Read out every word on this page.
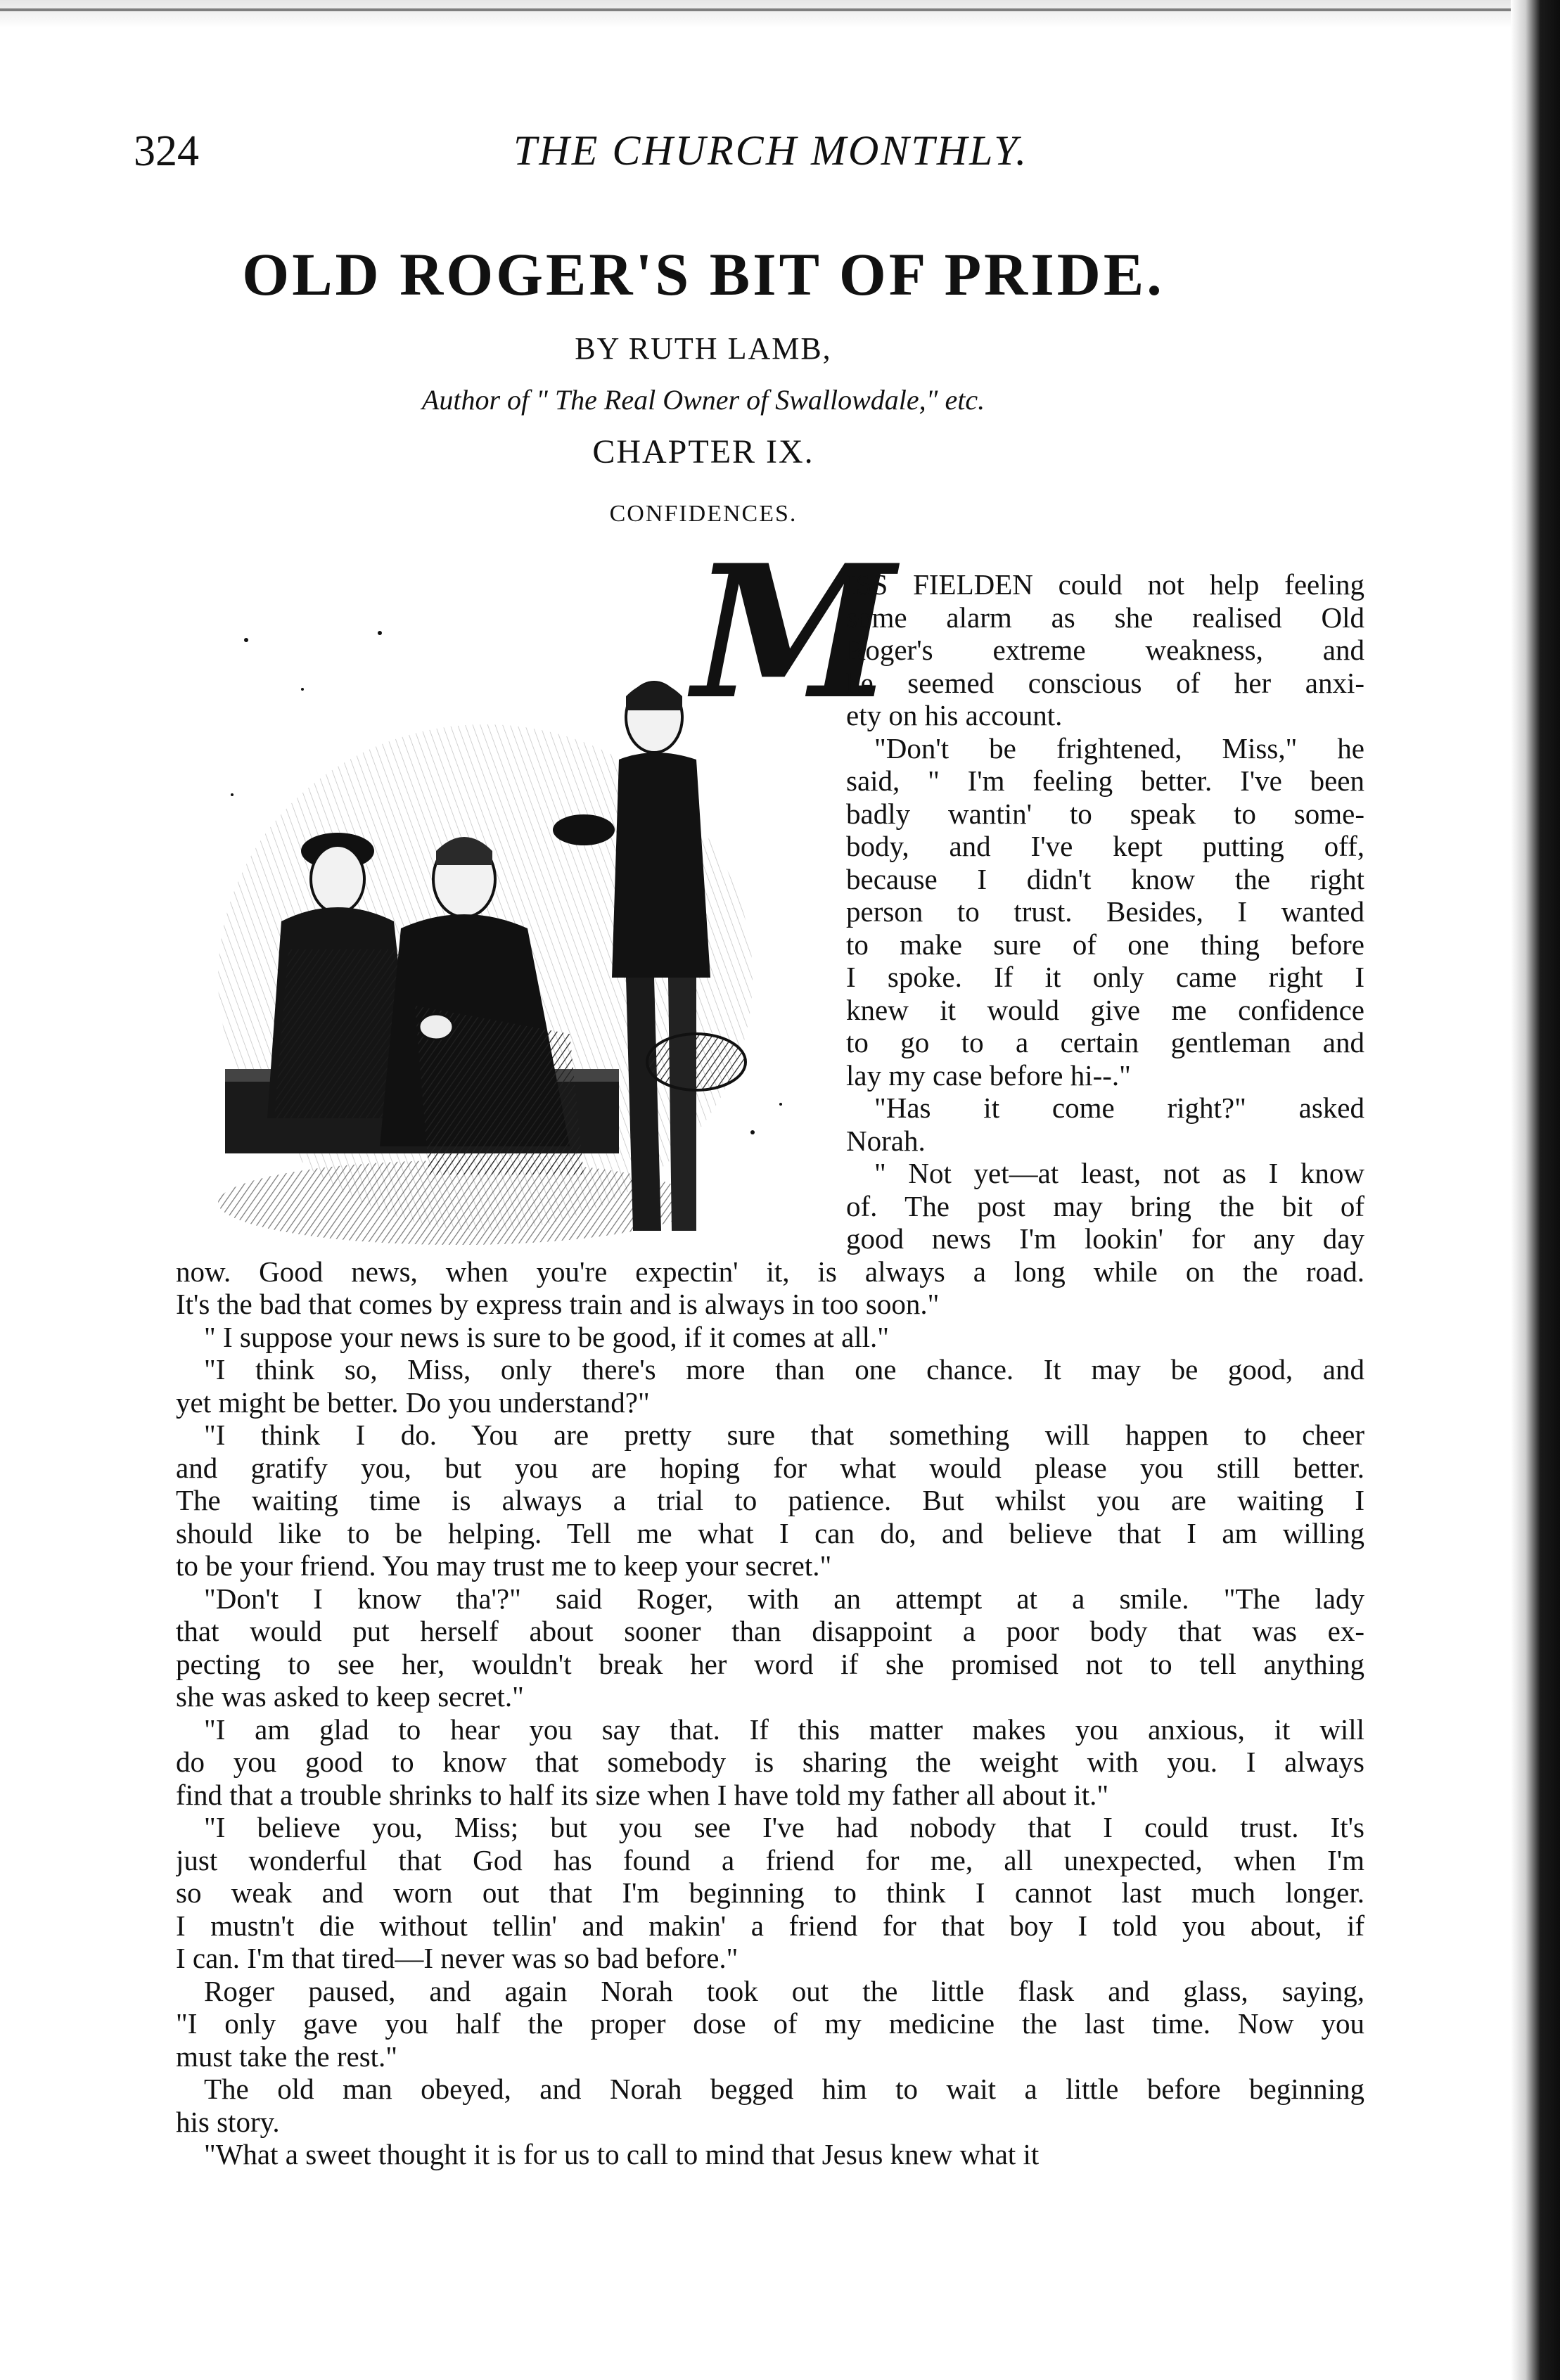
324	THE CHURCH MONTHLY.
OLD ROGER'S BIT OF PRIDE.
BY RUTH LAMB,
Author of " The Real Owner of Swallowdale," etc.
CHAPTER IX.
CONFIDENCES.
M
ISS FIELDEN could not help feeling
some alarm as she realised Old
Roger's extreme weakness, and
he seemed conscious of her anxi-
ety on his account.
"Don't be frightened, Miss," he
said, " I'm feeling better. I've been
badly wantin' to speak to some-
body, and I've kept putting off,
because I didn't know the right
person to trust. Besides, I wanted
to make sure of one thing before
I spoke. If it only came right I
knew it would give me confidence
to go to a certain gentleman and
lay my case before hi--."
"Has it come right?" asked
Norah.
" Not yet—at least, not as I know
of. The post may bring the bit of
good news I'm lookin' for any day
now. Good news, when you're expectin' it, is always a long while on the road.
It's the bad that comes by express train and is always in too soon."
" I suppose your news is sure to be good, if it comes at all."
"I think so, Miss, only there's more than one chance. It may be good, and
yet might be better. Do you understand?"
"I think I do. You are pretty sure that something will happen to cheer
and gratify you, but you are hoping for what would please you still better.
The waiting time is always a trial to patience. But whilst you are waiting I
should like to be helping. Tell me what I can do, and believe that I am willing
to be your friend. You may trust me to keep your secret."
"Don't I know tha'?" said Roger, with an attempt at a smile. "The lady
that would put herself about sooner than disappoint a poor body that was ex-
pecting to see her, wouldn't break her word if she promised not to tell anything
she was asked to keep secret."
"I am glad to hear you say that. If this matter makes you anxious, it will
do you good to know that somebody is sharing the weight with you. I always
find that a trouble shrinks to half its size when I have told my father all about it."
"I believe you, Miss; but you see I've had nobody that I could trust. It's
just wonderful that God has found a friend for me, all unexpected, when I'm
so weak and worn out that I'm beginning to think I cannot last much longer.
I mustn't die without tellin' and makin' a friend for that boy I told you about, if
I can. I'm that tired—I never was so bad before."
Roger paused, and again Norah took out the little flask and glass, saying,
"I only gave you half the proper dose of my medicine the last time. Now you
must take the rest."
The old man obeyed, and Norah begged him to wait a little before beginning
his story.
"What a sweet thought it is for us to call to mind that Jesus knew what it
